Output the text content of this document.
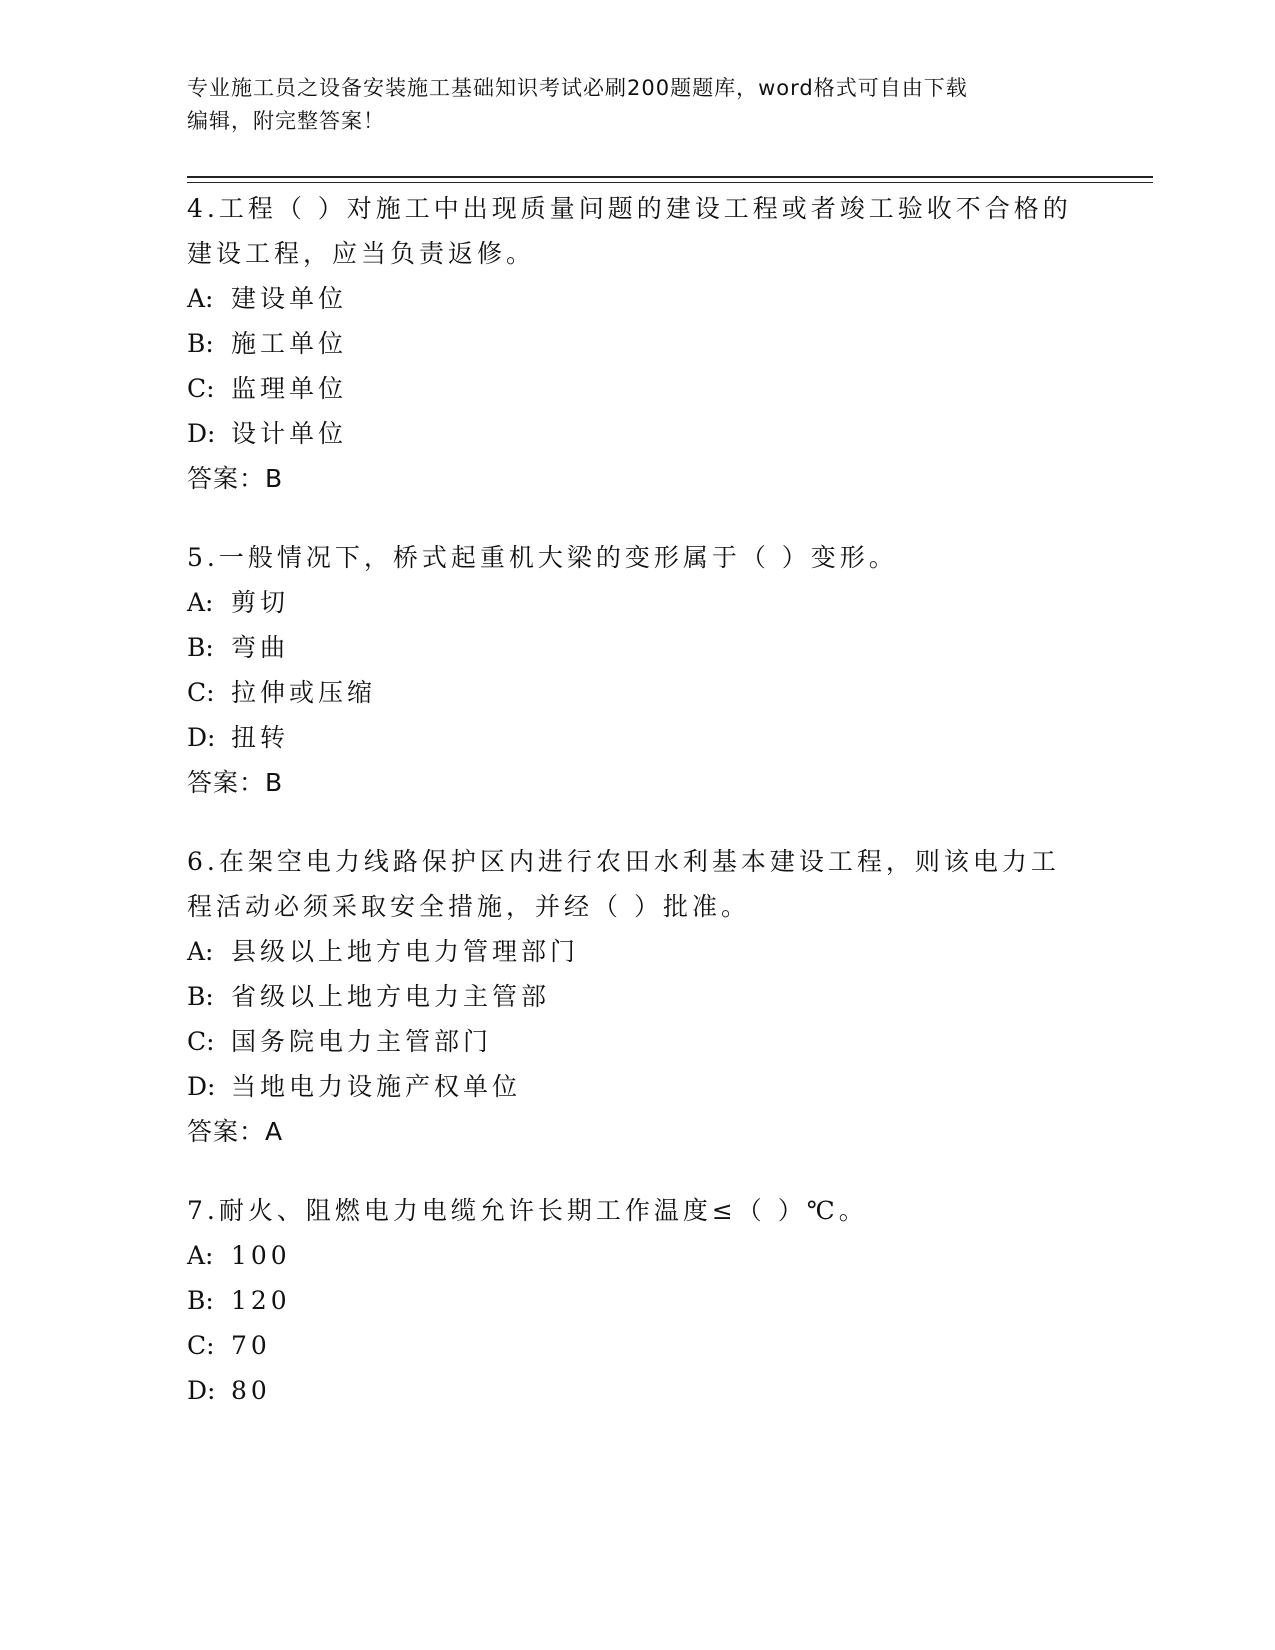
专业施工员之设备安装施工基础知识考试必刷200题题库，word格式可自由下载
编辑，附完整答案！

4.工程（ ）对施工中出现质量问题的建设工程或者竣工验收不合格的
建设工程，应当负责返修。

A: 建设单位
B: 施工单位
C: 监理单位
D: 设计单位
答案：B

5.一般情况下，桥式起重机大梁的变形属于（ ）变形。

A: 剪切
B: 弯曲
C: 拉伸或压缩
D: 扭转
答案：B

6.在架空电力线路保护区内进行农田水利基本建设工程，则该电力工
程活动必须采取安全措施，并经（ ）批准。

A: 县级以上地方电力管理部门
B: 省级以上地方电力主管部
C: 国务院电力主管部门
D: 当地电力设施产权单位
答案：A

7.耐火、阻燃电力电缆允许长期工作温度≤（ ）℃。

A: 100
B: 120
C: 70
D: 80
